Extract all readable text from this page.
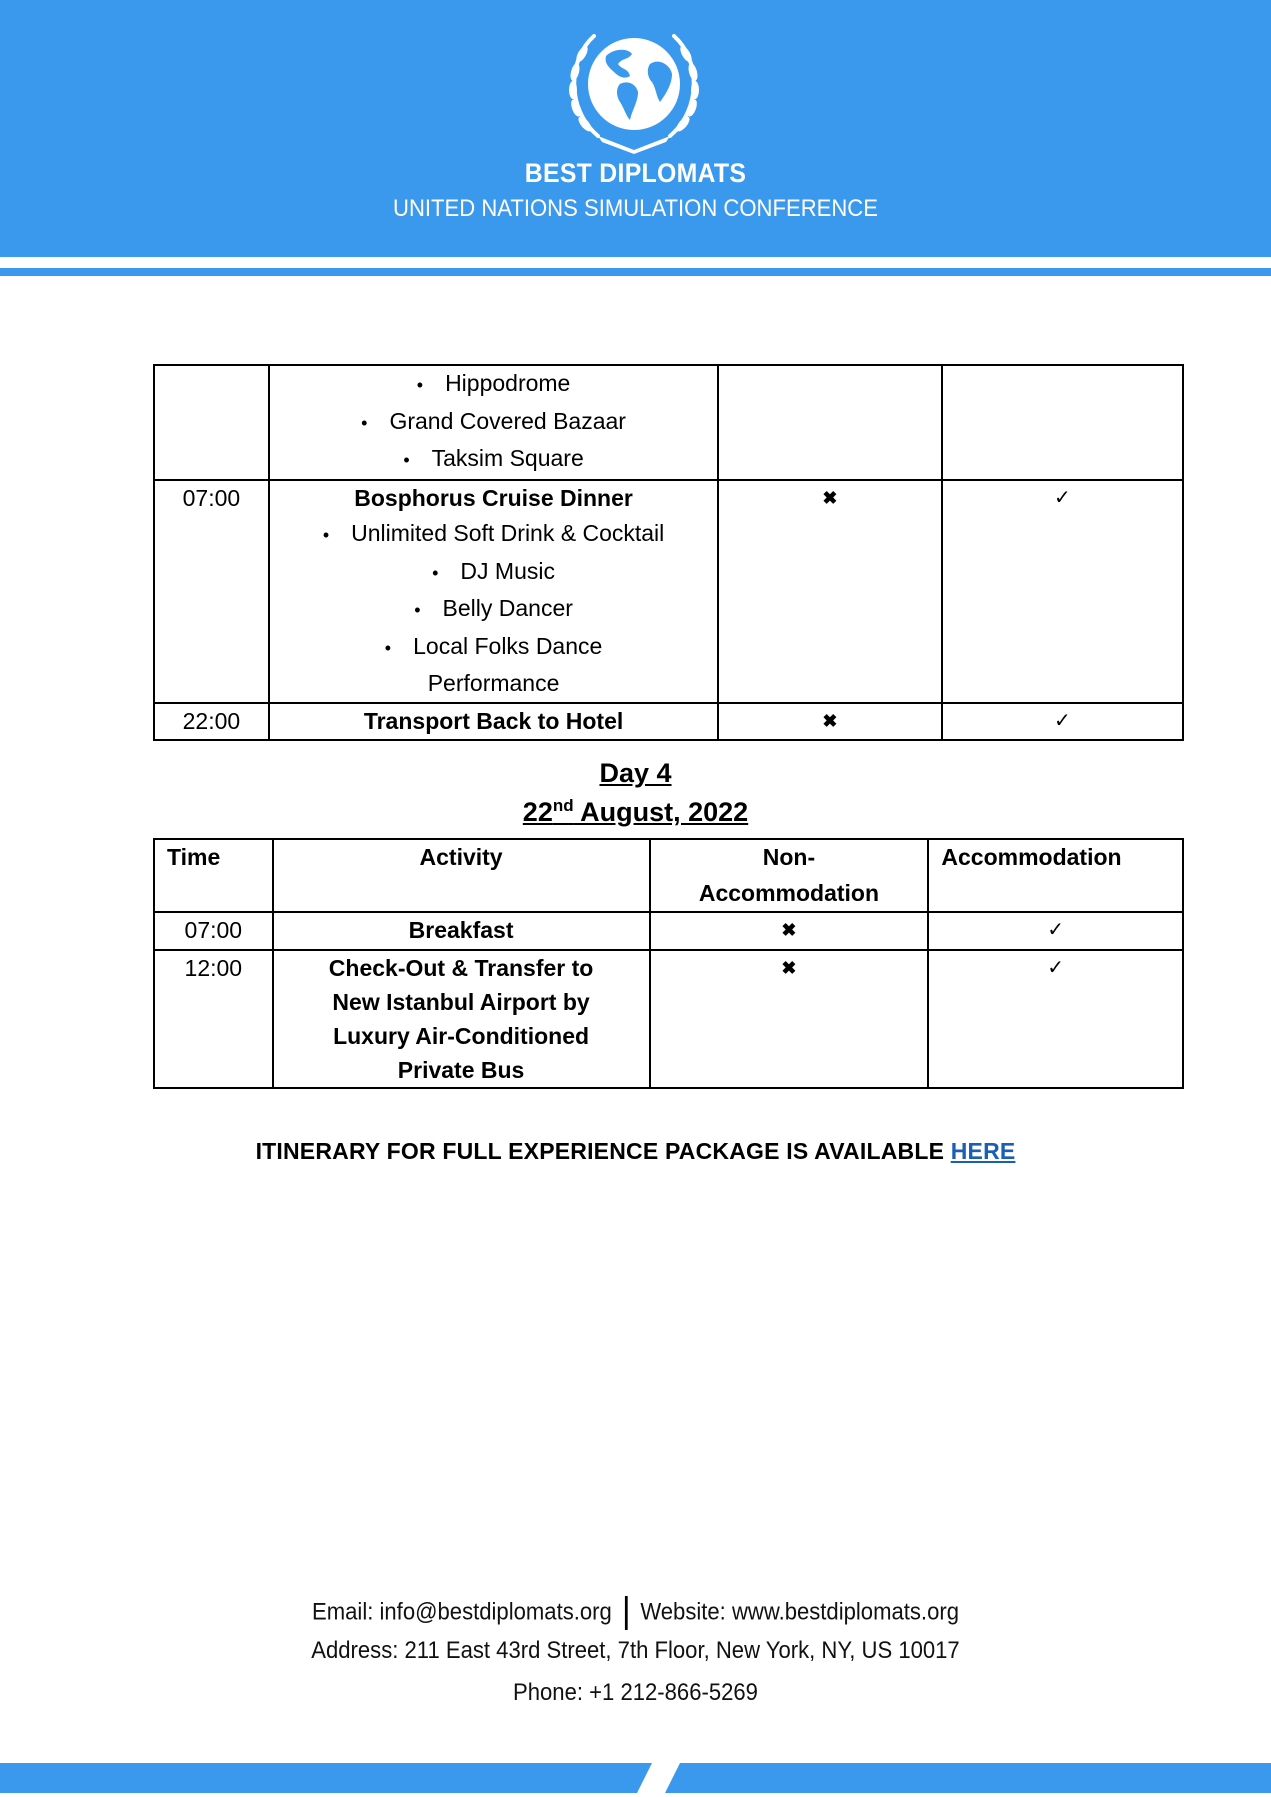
BEST DIPLOMATS
UNITED NATIONS SIMULATION CONFERENCE

	• Hippodrome
• Grand Covered Bazaar
• Taksim Square

07:00	Bosphorus Cruise Dinner
• Unlimited Soft Drink & Cocktail
• DJ Music
• Belly Dancer
• Local Folks Dance Performance	✖	✓
22:00	Transport Back to Hotel	✖	✓
Day 4
22nd August, 2022
Time	Activity	Non-Accommodation	Accommodation
07:00	Breakfast	✖	✓
12:00	Check-Out & Transfer to New Istanbul Airport by Luxury Air-Conditioned Private Bus	✖	✓
ITINERARY FOR FULL EXPERIENCE PACKAGE IS AVAILABLE HERE
Email: info@bestdiplomats.org Website: www.bestdiplomats.org
Address: 211 East 43rd Street, 7th Floor, New York, NY, US 10017
Phone: +1 212-866-5269
